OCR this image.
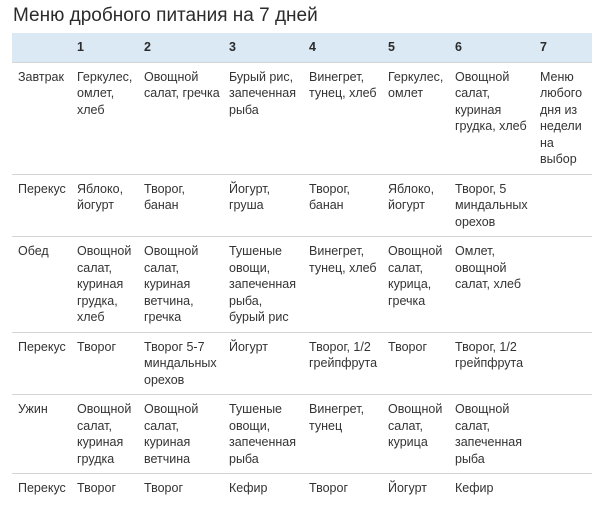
Меню дробного питания на 7 дней
	1	2	3	4	5	6	7
Завтрак	Геркулес, омлет, хлеб	Овощной салат, гречка	Бурый рис, запеченная рыба	Винегрет, тунец, хлеб	Геркулес, омлет	Овощной салат, куриная грудка, хлеб	Меню любого дня из недели на выбор
Перекус	Яблоко, йогурт	Творог, банан	Йогурт, груша	Творог, банан	Яблоко, йогурт	Творог, 5 миндальных орехов	
Обед	Овощной салат, куриная грудка, хлеб	Овощной салат, куриная ветчина, гречка	Тушеные овощи, запеченная рыба, бурый рис	Винегрет, тунец, хлеб	Овощной салат, курица, гречка	Омлет, овощной салат, хлеб	
Перекус	Творог	Творог 5-7 миндальных орехов	Йогурт	Творог, 1/2 грейпфрута	Творог	Творог, 1/2 грейпфрута	
Ужин	Овощной салат, куриная грудка	Овощной салат, куриная ветчина	Тушеные овощи, запеченная рыба	Винегрет, тунец	Овощной салат, курица	Овощной салат, запеченная рыба	
Перекус	Творог	Творог	Кефир	Творог	Йогурт	Кефир	
